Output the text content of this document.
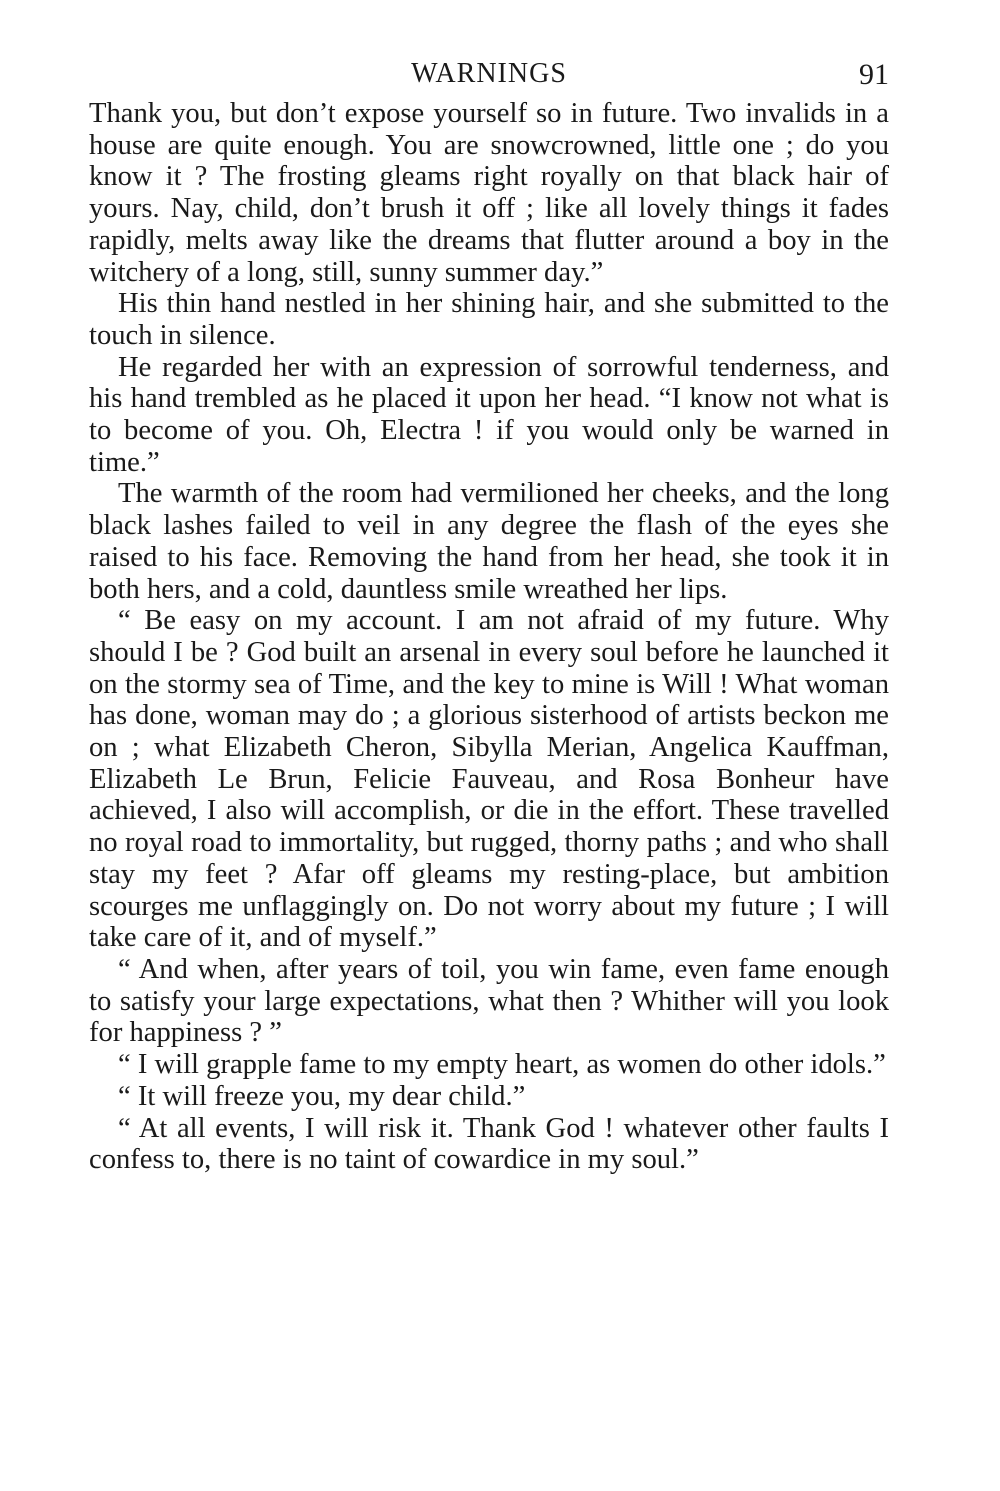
WARNINGS	91

Thank you, but don’t expose yourself so in future. Two invalids in a house are quite enough. You are snowcrowned, little one ; do you know it ? The frosting gleams right royally on that black hair of yours. Nay, child, don’t brush it off ; like all lovely things it fades rapidly, melts away like the dreams that flutter around a boy in the witchery of a long, still, sunny summer day.”

His thin hand nestled in her shining hair, and she submitted to the touch in silence.

He regarded her with an expression of sorrowful tenderness, and his hand trembled as he placed it upon her head. “I know not what is to become of you. Oh, Electra ! if you would only be warned in time.”

The warmth of the room had vermilioned her cheeks, and the long black lashes failed to veil in any degree the flash of the eyes she raised to his face. Removing the hand from her head, she took it in both hers, and a cold, dauntless smile wreathed her lips.

“ Be easy on my account. I am not afraid of my future. Why should I be ? God built an arsenal in every soul before he launched it on the stormy sea of Time, and the key to mine is Will ! What woman has done, woman may do ; a glorious sisterhood of artists beckon me on ; what Elizabeth Cheron, Sibylla Merian, Angelica Kauffman, Elizabeth Le Brun, Felicie Fauveau, and Rosa Bonheur have achieved, I also will accomplish, or die in the effort. These travelled no royal road to immortality, but rugged, thorny paths ; and who shall stay my feet ? Afar off gleams my resting-place, but ambition scourges me unflaggingly on. Do not worry about my future ; I will take care of it, and of myself.”

“ And when, after years of toil, you win fame, even fame enough to satisfy your large expectations, what then ? Whither will you look for happiness ? ”

“ I will grapple fame to my empty heart, as women do other idols.”

“ It will freeze you, my dear child.”

“ At all events, I will risk it. Thank God ! whatever other faults I confess to, there is no taint of cowardice in my soul.”
